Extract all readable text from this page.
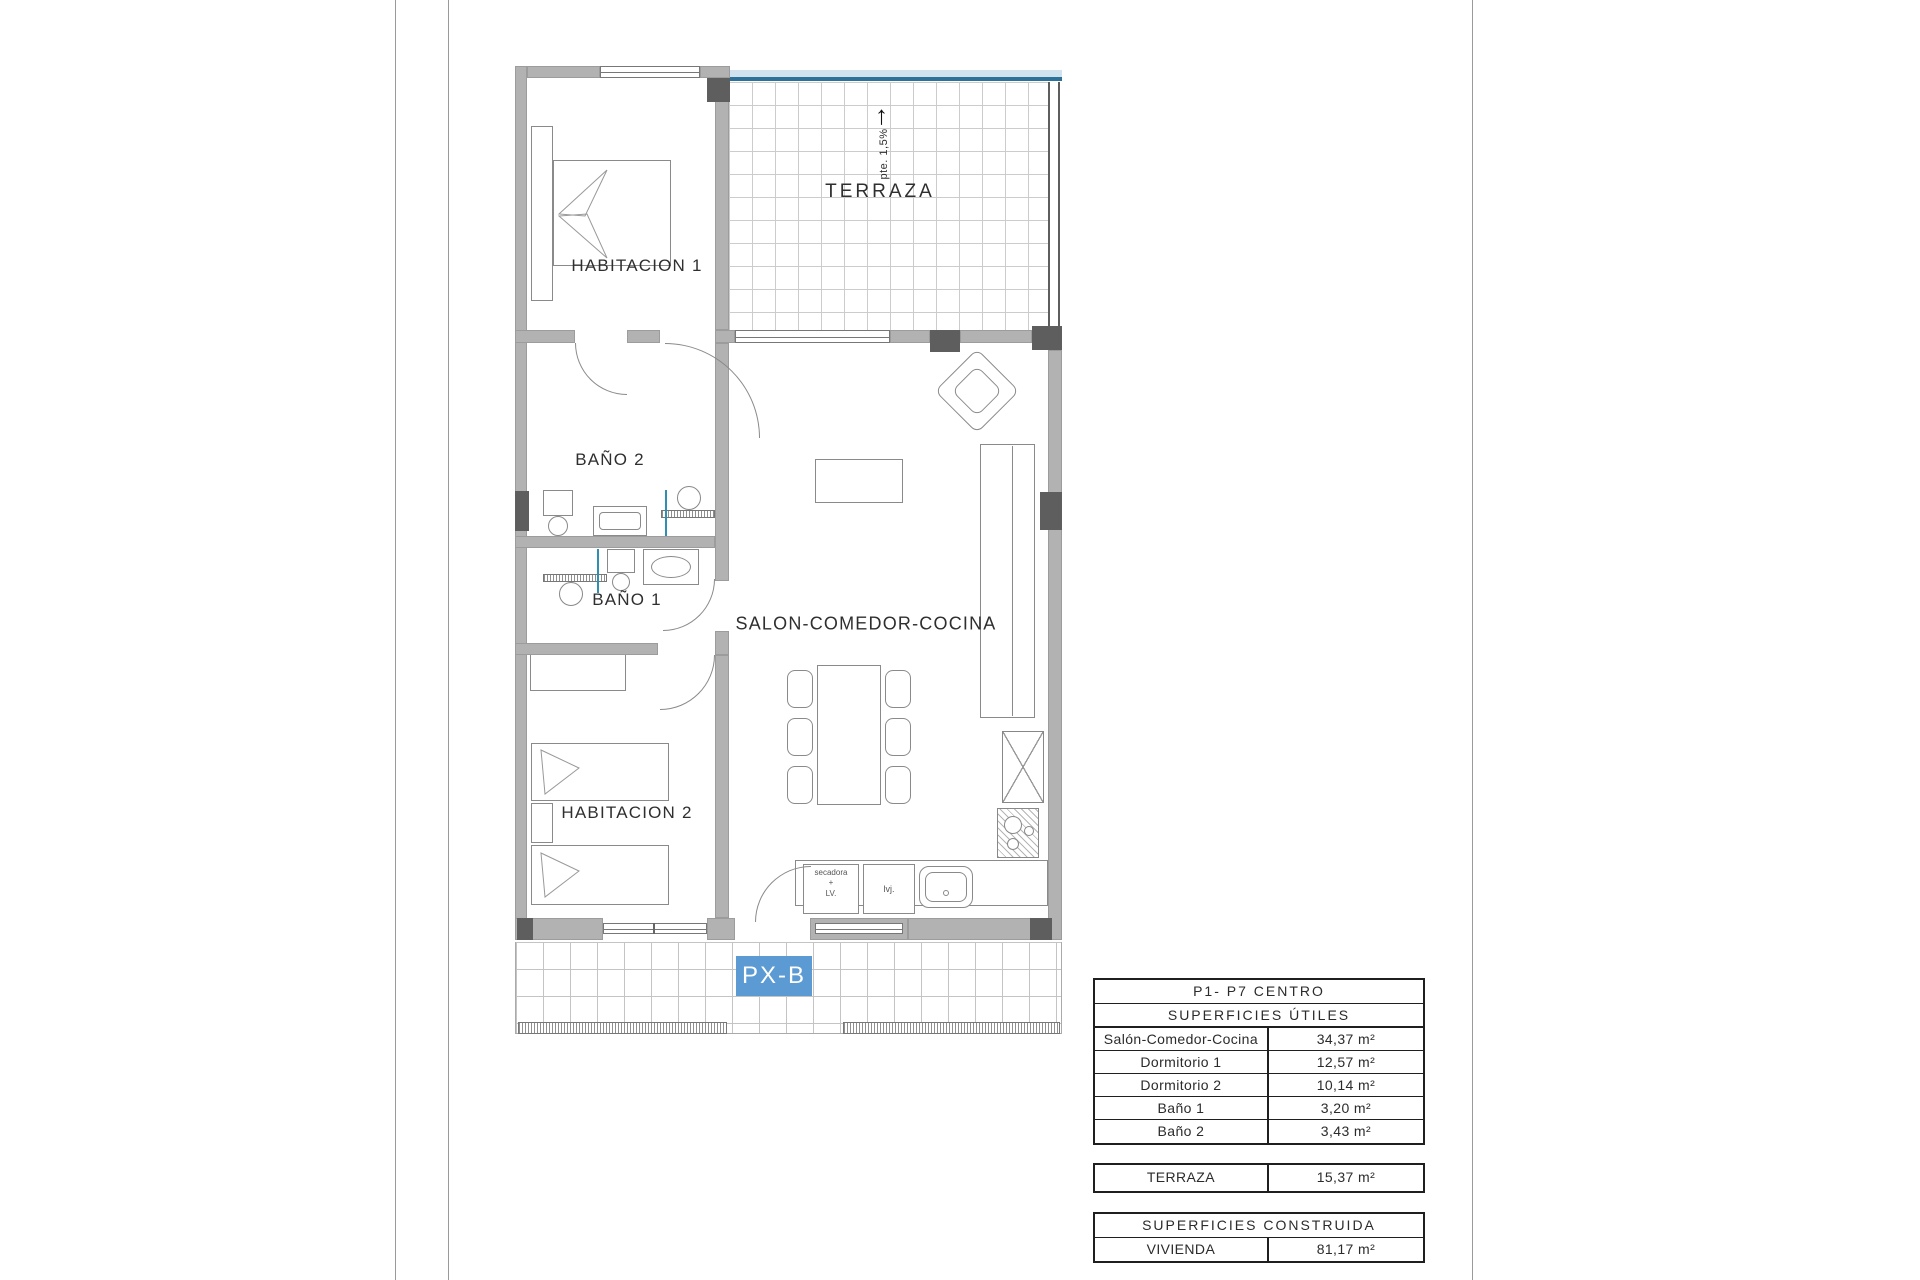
secadora
+
LV.	lvj.
HABITACION 1
TERRAZA
↑
pte. 1,5%
BAÑO 2
BAÑO 1
HABITACION 2
SALON-COMEDOR-COCINA
PX-B
P1- P7 CENTRO
SUPERFICIES ÚTILES
Salón-Comedor-Cocina	34,37 m²
Dormitorio 1	12,57 m²
Dormitorio 2	10,14 m²
Baño 1	3,20 m²
Baño 2	3,43 m²
TERRAZA	15,37 m²
SUPERFICIES CONSTRUIDA
VIVIENDA	81,17 m²
